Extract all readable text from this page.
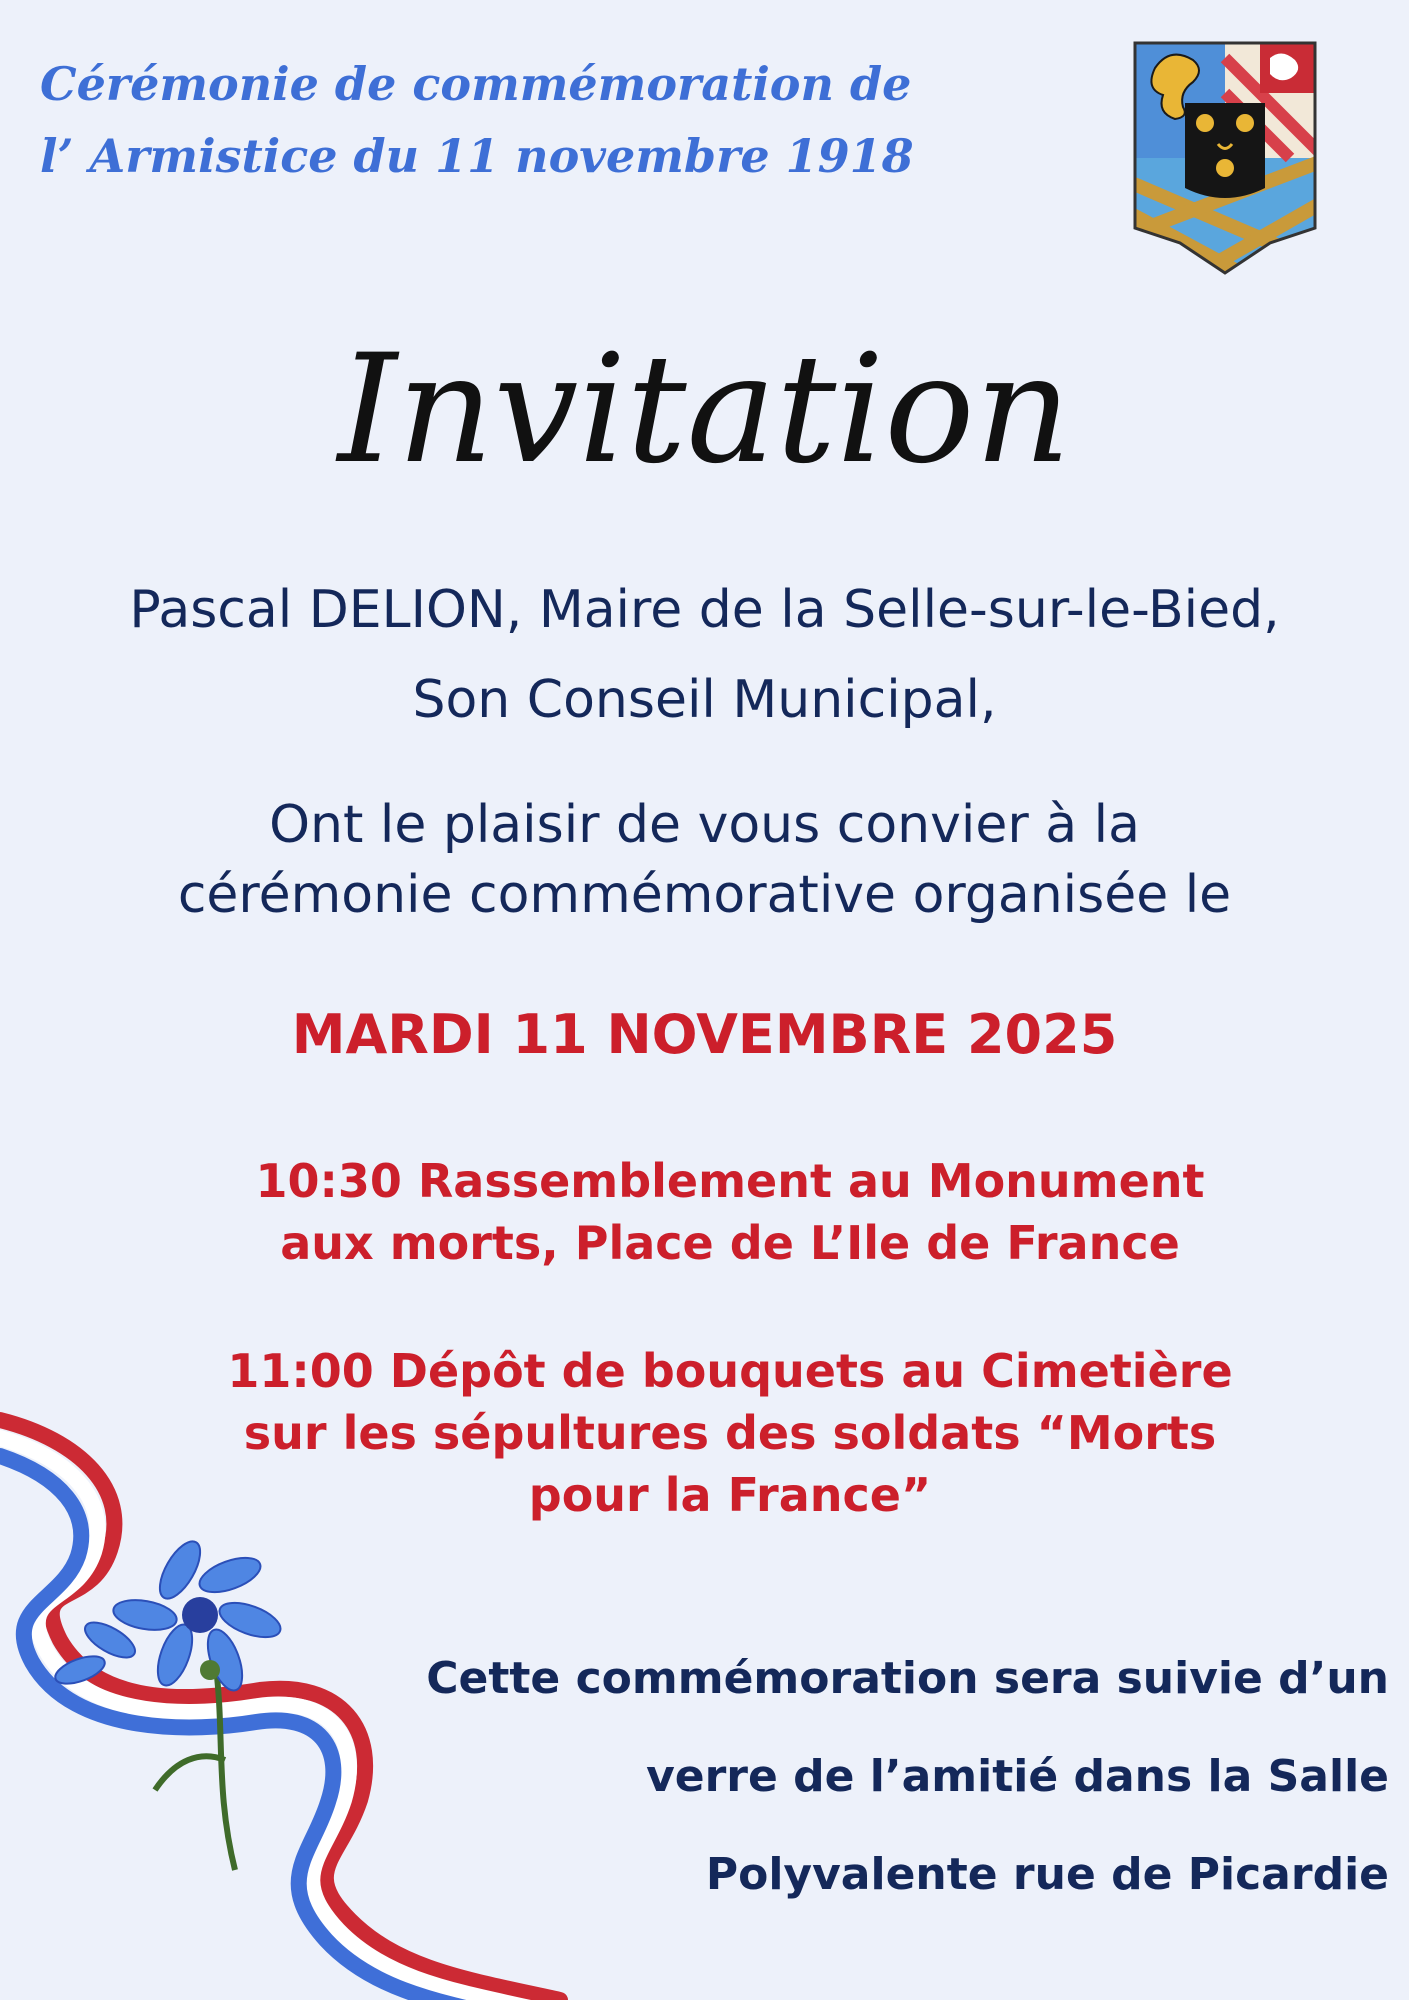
Cérémonie de commémoration de
l’ Armistice du 11 novembre 1918
Invitation
Pascal DELION, Maire de la Selle-sur-le-Bied,
Son Conseil Municipal,
Ont le plaisir de vous convier à la
cérémonie commémorative organisée le
MARDI 11 NOVEMBRE 2025
10:30 Rassemblement au Monument
aux morts, Place de L’Ile de France
11:00 Dépôt de bouquets au Cimetière
sur les sépultures des soldats “Morts
pour la France”
Cette commémoration sera suivie d’un
verre de l’amitié dans la Salle
Polyvalente rue de Picardie
